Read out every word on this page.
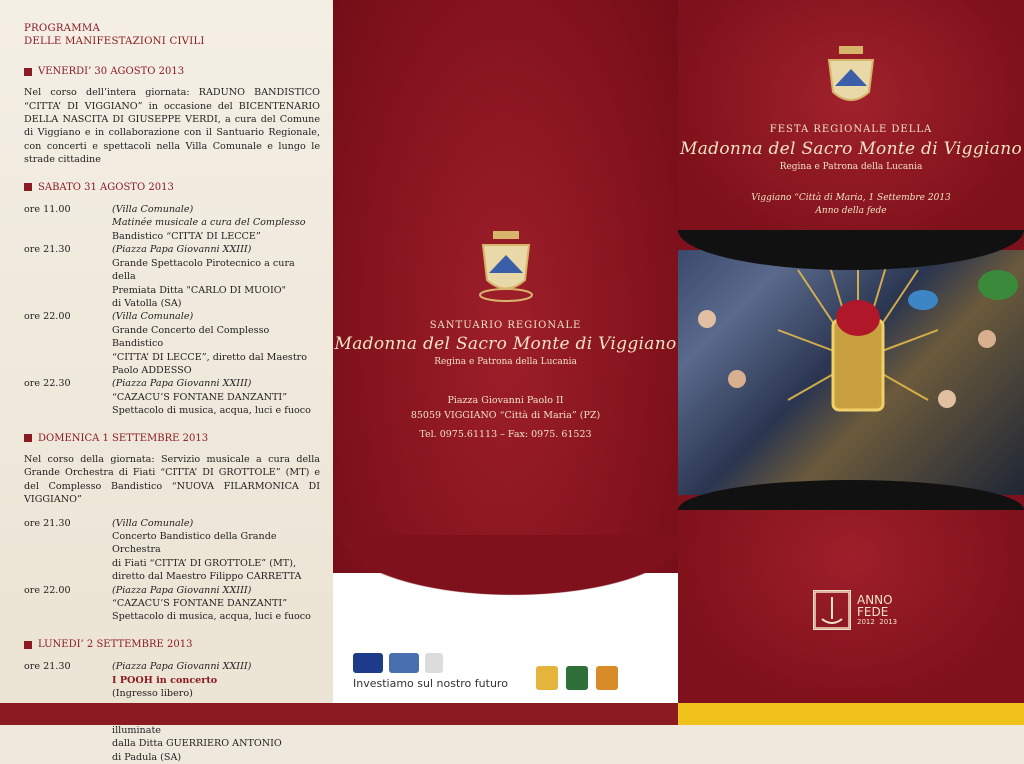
PROGRAMMA
DELLE MANIFESTAZIONI CIVILI
VENERDI’ 30 AGOSTO 2013
Nel corso dell’intera giornata: RADUNO BANDISTICO “CITTA’ DI VIGGIANO” in occasione del BICENTENARIO DELLA NASCITA DI GIUSEPPE VERDI, a cura del Comune di Viggiano e in collaborazione con il Santuario Regionale, con concerti e spettacoli nella Villa Comunale e lungo le strade cittadine
SABATO 31 AGOSTO 2013
ore 11.00	(Villa Comunale)
Matinée musicale a cura del Complesso
Bandistico “CITTA’ DI LECCE”
ore 21.30	(Piazza Papa Giovanni XXIII)
Grande Spettacolo Pirotecnico a cura della
Premiata Ditta "CARLO DI MUOIO"
di Vatolla (SA)
ore 22.00	(Villa Comunale)
Grande Concerto del Complesso Bandistico
“CITTA’ DI LECCE”, diretto dal Maestro
Paolo ADDESSO
ore 22.30	(Piazza Papa Giovanni XXIII)
“CAZACU’S FONTANE DANZANTI”
Spettacolo di musica, acqua, luci e fuoco
DOMENICA 1 SETTEMBRE 2013
Nel corso della giornata: Servizio musicale a cura della Grande Orchestra di Fiati “CITTA’ DI GROTTOLE” (MT) e del Complesso Bandistico “NUOVA FILARMONICA DI VIGGIANO”
ore 21.30	(Villa Comunale)
Concerto Bandistico della Grande Orchestra
di Fiati “CITTA’ DI GROTTOLE” (MT),
diretto dal Maestro Filippo CARRETTA
ore 22.00	(Piazza Papa Giovanni XXIII)
“CAZACU’S FONTANE DANZANTI”
Spettacolo di musica, acqua, luci e fuoco
LUNEDI’ 2 SETTEMBRE 2013
ore 21.30	(Piazza Papa Giovanni XXIII)
I POOH in concerto
(Ingresso libero)
illuminate
dalla Ditta GUERRIERO ANTONIO
di Padula (SA)
SANTUARIO REGIONALE
Madonna del Sacro Monte di Viggiano
Regina e Patrona della Lucania
Piazza Giovanni Paolo II
85059 VIGGIANO “Città di Maria” (PZ)
Tel. 0975.61113 – Fax: 0975. 61523
Investiamo sul nostro futuro
FESTA REGIONALE DELLA
Madonna del Sacro Monte di Viggiano
Regina e Patrona della Lucania
Viggiano “Città di Maria, 1 Settembre 2013
Anno della fede
ANNO
FEDE
2012 2013
